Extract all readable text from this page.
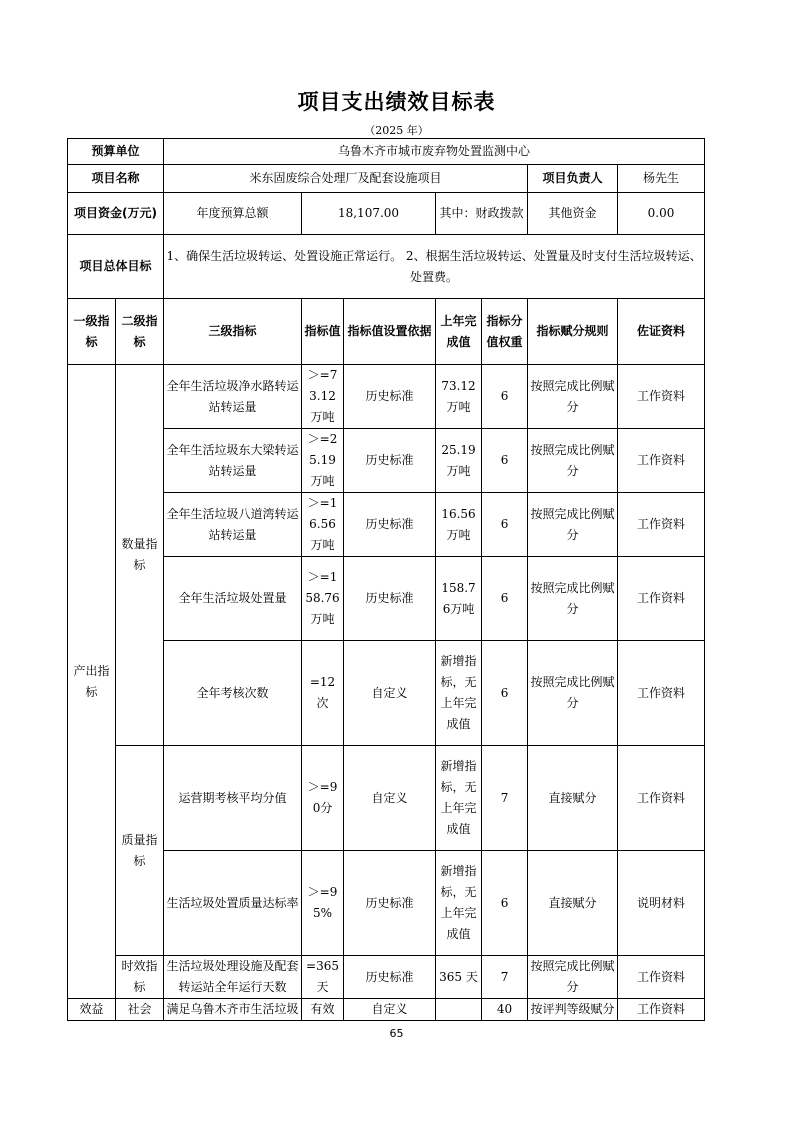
项目支出绩效目标表
（2025 年）
预算单位		乌鲁木齐市城市废弃物处置监测中心						
项目名称		米东固废综合处理厂及配套设施项目					项目负责人	杨先生
项目资金(万元)		年度预算总额	18,107.00		其中：财政拨款		其他资金	0.00
项目总体目标		1、确保生活垃圾转运、处置设施正常运行。 2、根据生活垃圾转运、处置量及时支付生活垃圾转运、处置费。						
一级指标	二级指标	三级指标	指标值	指标值设置依据	上年完成值	指标分值权重	指标赋分规则	佐证资料
产出指标	数量指标	全年生活垃圾净水路转运站转运量	＞=73.12万吨	历史标准	73.12万吨	6	按照完成比例赋分	工作资料
		全年生活垃圾东大梁转运站转运量	＞=25.19万吨	历史标准	25.19万吨	6	按照完成比例赋分	工作资料
		全年生活垃圾八道湾转运站转运量	＞=16.56万吨	历史标准	16.56万吨	6	按照完成比例赋分	工作资料
		全年生活垃圾处置量	＞=158.76万吨	历史标准	158.76万吨	6	按照完成比例赋分	工作资料
		全年考核次数	=12 次	自定义	新增指标，无上年完成值	6	按照完成比例赋分	工作资料
	质量指标	运营期考核平均分值	＞=90分	自定义	新增指标，无上年完成值	7	直接赋分	工作资料
		生活垃圾处置质量达标率	＞=95%	历史标准	新增指标，无上年完成值	6	直接赋分	说明材料
	时效指标	生活垃圾处理设施及配套转运站全年运行天数	=365天	历史标准	365 天	7	按照完成比例赋分	工作资料
效益	社会	满足乌鲁木齐市生活垃圾	有效	自定义		40	按评判等级赋分	工作资料
65
